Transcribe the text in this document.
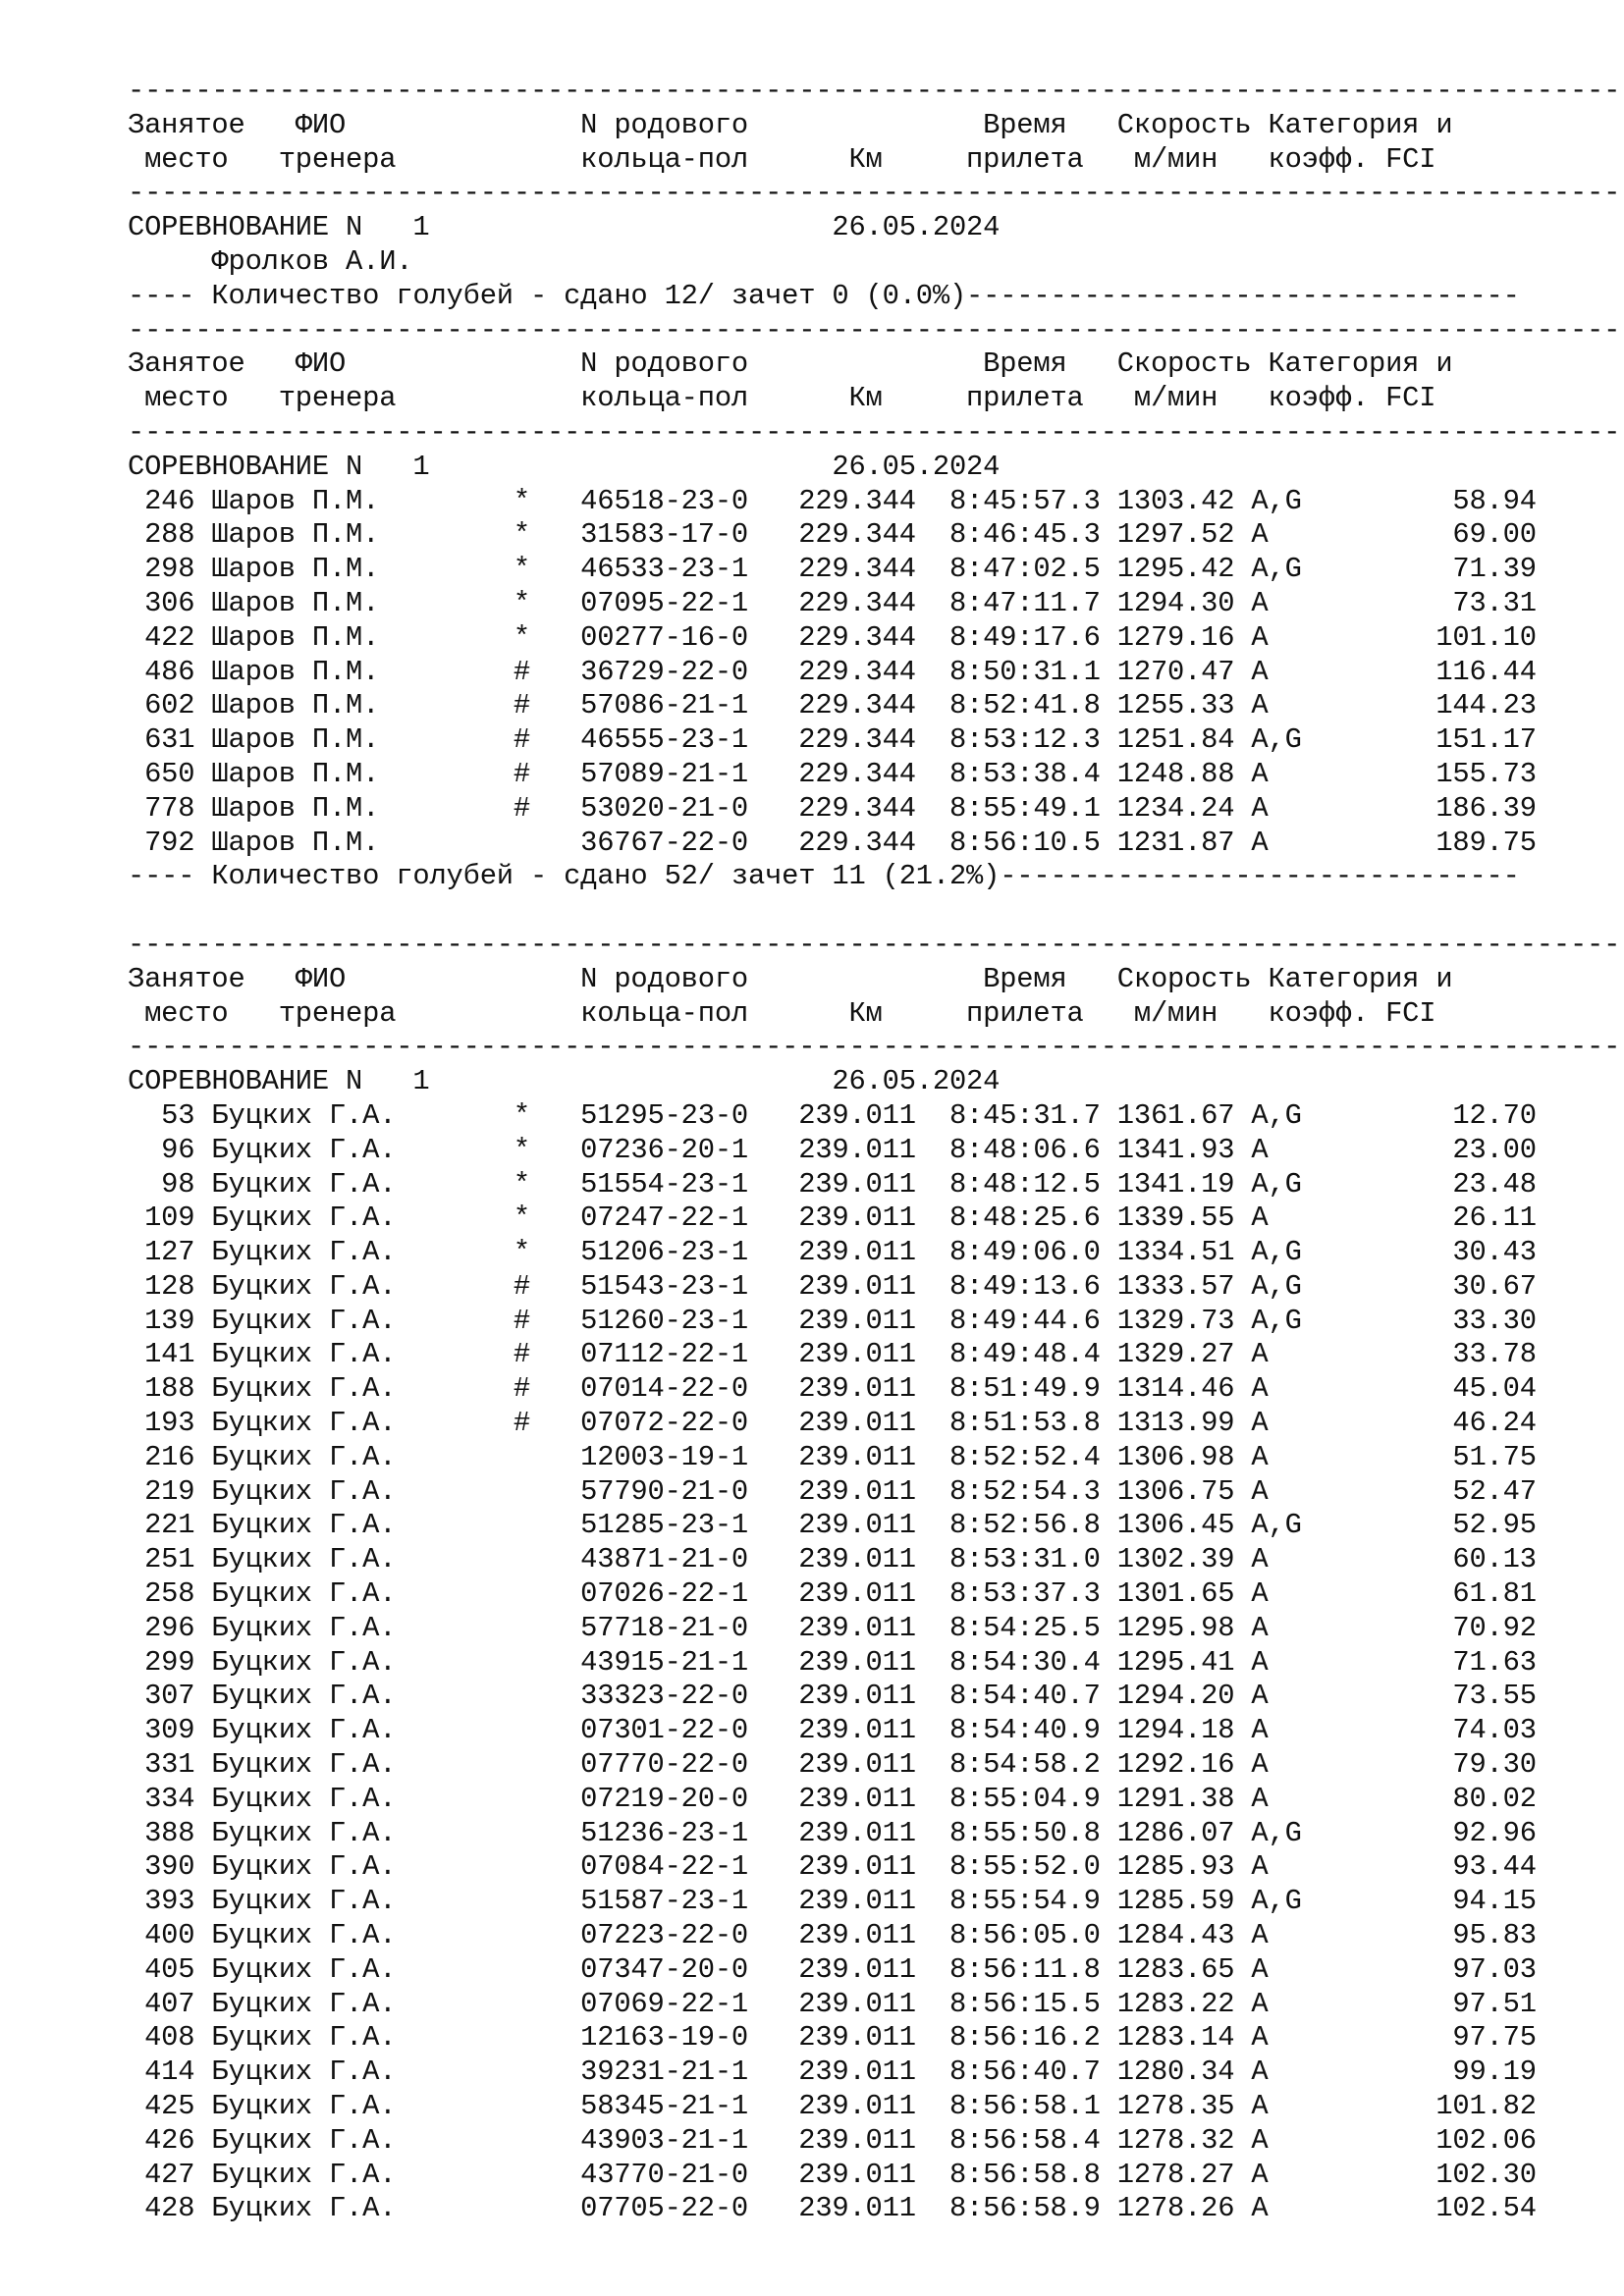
-----------------------------------------------------------------------------------------
Занятое   ФИО              N родового              Время   Скорость Категория и
место   тренера           кольца-пол      Км     прилета   м/мин   коэфф. FCI
-----------------------------------------------------------------------------------------
СОРЕВНОВАНИЕ N   1                        26.05.2024
Фролков А.И.
---- Количество голубей - сдано 12/ зачет 0 (0.0%)---------------------------------
-----------------------------------------------------------------------------------------
Занятое   ФИО              N родового              Время   Скорость Категория и
место   тренера           кольца-пол      Км     прилета   м/мин   коэфф. FCI
-----------------------------------------------------------------------------------------
СОРЕВНОВАНИЕ N   1                        26.05.2024
246 Шаров П.М.        *   46518-23-0   229.344  8:45:57.3 1303.42 A,G         58.94
288 Шаров П.М.        *   31583-17-0   229.344  8:46:45.3 1297.52 A           69.00
298 Шаров П.М.        *   46533-23-1   229.344  8:47:02.5 1295.42 A,G         71.39
306 Шаров П.М.        *   07095-22-1   229.344  8:47:11.7 1294.30 A           73.31
422 Шаров П.М.        *   00277-16-0   229.344  8:49:17.6 1279.16 A          101.10
486 Шаров П.М.        #   36729-22-0   229.344  8:50:31.1 1270.47 A          116.44
602 Шаров П.М.        #   57086-21-1   229.344  8:52:41.8 1255.33 A          144.23
631 Шаров П.М.        #   46555-23-1   229.344  8:53:12.3 1251.84 A,G        151.17
650 Шаров П.М.        #   57089-21-1   229.344  8:53:38.4 1248.88 A          155.73
778 Шаров П.М.        #   53020-21-0   229.344  8:55:49.1 1234.24 A          186.39
792 Шаров П.М.            36767-22-0   229.344  8:56:10.5 1231.87 A          189.75
---- Количество голубей - сдано 52/ зачет 11 (21.2%)-------------------------------
-----------------------------------------------------------------------------------------
Занятое   ФИО              N родового              Время   Скорость Категория и
место   тренера           кольца-пол      Км     прилета   м/мин   коэфф. FCI
-----------------------------------------------------------------------------------------
СОРЕВНОВАНИЕ N   1                        26.05.2024
53 Буцких Г.А.       *   51295-23-0   239.011  8:45:31.7 1361.67 A,G         12.70
96 Буцких Г.А.       *   07236-20-1   239.011  8:48:06.6 1341.93 A           23.00
98 Буцких Г.А.       *   51554-23-1   239.011  8:48:12.5 1341.19 A,G         23.48
109 Буцких Г.А.       *   07247-22-1   239.011  8:48:25.6 1339.55 A           26.11
127 Буцких Г.А.       *   51206-23-1   239.011  8:49:06.0 1334.51 A,G         30.43
128 Буцких Г.А.       #   51543-23-1   239.011  8:49:13.6 1333.57 A,G         30.67
139 Буцких Г.А.       #   51260-23-1   239.011  8:49:44.6 1329.73 A,G         33.30
141 Буцких Г.А.       #   07112-22-1   239.011  8:49:48.4 1329.27 A           33.78
188 Буцких Г.А.       #   07014-22-0   239.011  8:51:49.9 1314.46 A           45.04
193 Буцких Г.А.       #   07072-22-0   239.011  8:51:53.8 1313.99 A           46.24
216 Буцких Г.А.           12003-19-1   239.011  8:52:52.4 1306.98 A           51.75
219 Буцких Г.А.           57790-21-0   239.011  8:52:54.3 1306.75 A           52.47
221 Буцких Г.А.           51285-23-1   239.011  8:52:56.8 1306.45 A,G         52.95
251 Буцких Г.А.           43871-21-0   239.011  8:53:31.0 1302.39 A           60.13
258 Буцких Г.А.           07026-22-1   239.011  8:53:37.3 1301.65 A           61.81
296 Буцких Г.А.           57718-21-0   239.011  8:54:25.5 1295.98 A           70.92
299 Буцких Г.А.           43915-21-1   239.011  8:54:30.4 1295.41 A           71.63
307 Буцких Г.А.           33323-22-0   239.011  8:54:40.7 1294.20 A           73.55
309 Буцких Г.А.           07301-22-0   239.011  8:54:40.9 1294.18 A           74.03
331 Буцких Г.А.           07770-22-0   239.011  8:54:58.2 1292.16 A           79.30
334 Буцких Г.А.           07219-20-0   239.011  8:55:04.9 1291.38 A           80.02
388 Буцких Г.А.           51236-23-1   239.011  8:55:50.8 1286.07 A,G         92.96
390 Буцких Г.А.           07084-22-1   239.011  8:55:52.0 1285.93 A           93.44
393 Буцких Г.А.           51587-23-1   239.011  8:55:54.9 1285.59 A,G         94.15
400 Буцких Г.А.           07223-22-0   239.011  8:56:05.0 1284.43 A           95.83
405 Буцких Г.А.           07347-20-0   239.011  8:56:11.8 1283.65 A           97.03
407 Буцких Г.А.           07069-22-1   239.011  8:56:15.5 1283.22 A           97.51
408 Буцких Г.А.           12163-19-0   239.011  8:56:16.2 1283.14 A           97.75
414 Буцких Г.А.           39231-21-1   239.011  8:56:40.7 1280.34 A           99.19
425 Буцких Г.А.           58345-21-1   239.011  8:56:58.1 1278.35 A          101.82
426 Буцких Г.А.           43903-21-1   239.011  8:56:58.4 1278.32 A          102.06
427 Буцких Г.А.           43770-21-0   239.011  8:56:58.8 1278.27 A          102.30
428 Буцких Г.А.           07705-22-0   239.011  8:56:58.9 1278.26 A          102.54
